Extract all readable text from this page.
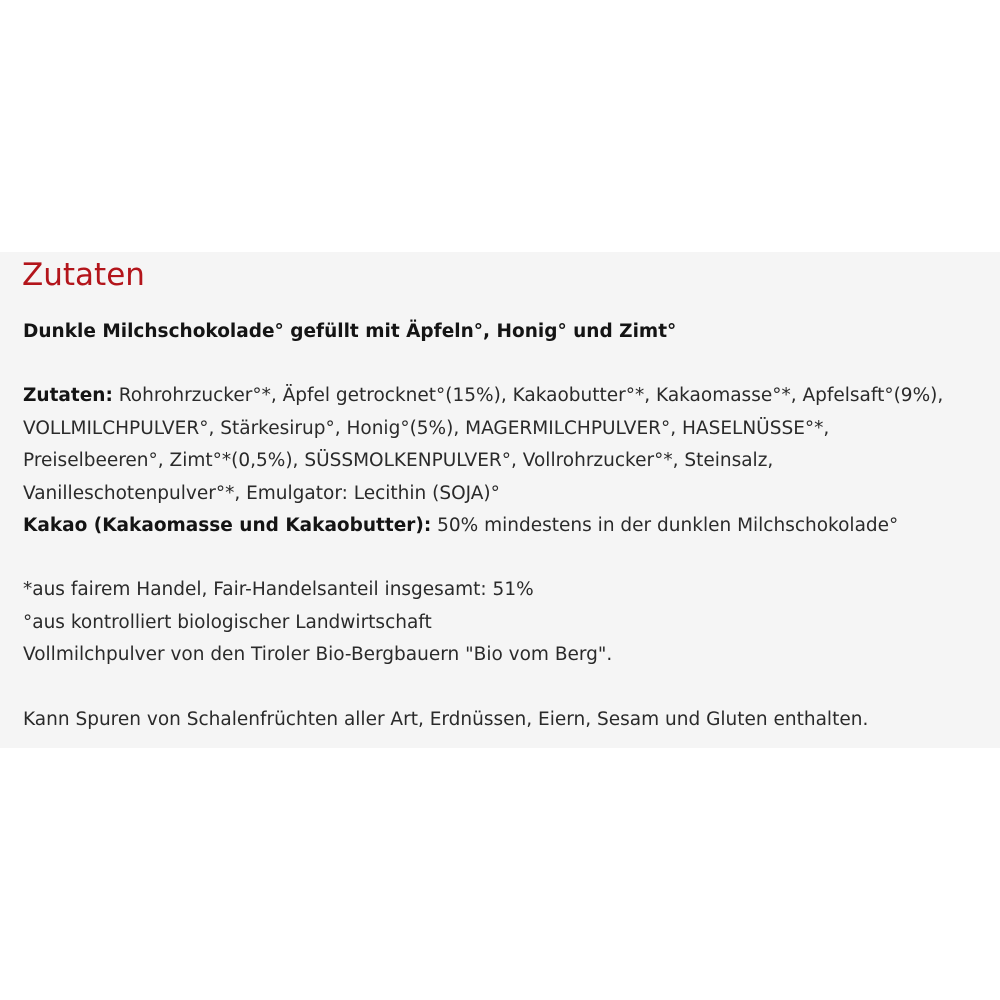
Zutaten

Dunkle Milchschokolade° gefüllt mit Äpfeln°, Honig° und Zimt°

Zutaten: Rohrohrzucker°*, Äpfel getrocknet°(15%), Kakaobutter°*, Kakaomasse°*, Apfelsaft°(9%),
VOLLMILCHPULVER°, Stärkesirup°, Honig°(5%), MAGERMILCHPULVER°, HASELNÜSSE°*,
Preiselbeeren°, Zimt°*(0,5%), SÜSSMOLKENPULVER°, Vollrohrzucker°*, Steinsalz,
Vanilleschotenpulver°*, Emulgator: Lecithin (SOJA)°

Kakao (Kakaomasse und Kakaobutter): 50% mindestens in der dunklen Milchschokolade°

*aus fairem Handel, Fair-Handelsanteil insgesamt: 51%
°aus kontrolliert biologischer Landwirtschaft
Vollmilchpulver von den Tiroler Bio-Bergbauern "Bio vom Berg".

Kann Spuren von Schalenfrüchten aller Art, Erdnüssen, Eiern, Sesam und Gluten enthalten.
